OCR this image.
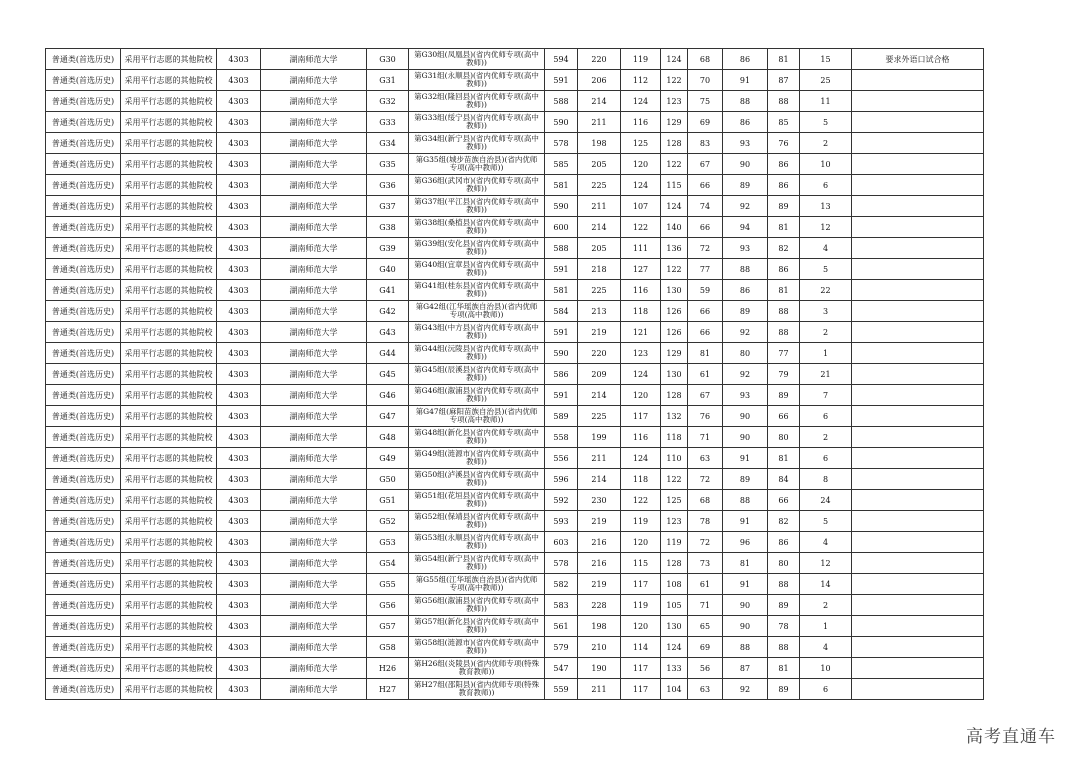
普通类(首选历史)	采用平行志愿的其他院校	4303	湖南师范大学	G30	第G30组(凤凰县)(省内优师专项(高中教师))	594	220	119	124	68	86	81	15	要求外语口试合格
普通类(首选历史)	采用平行志愿的其他院校	4303	湖南师范大学	G31	第G31组(永顺县)(省内优师专项(高中教师))	591	206	112	122	70	91	87	25	
普通类(首选历史)	采用平行志愿的其他院校	4303	湖南师范大学	G32	第G32组(隆回县)(省内优师专项(高中教师))	588	214	124	123	75	88	88	11	
普通类(首选历史)	采用平行志愿的其他院校	4303	湖南师范大学	G33	第G33组(绥宁县)(省内优师专项(高中教师))	590	211	116	129	69	86	85	5	
普通类(首选历史)	采用平行志愿的其他院校	4303	湖南师范大学	G34	第G34组(新宁县)(省内优师专项(高中教师))	578	198	125	128	83	93	76	2	
普通类(首选历史)	采用平行志愿的其他院校	4303	湖南师范大学	G35	第G35组(城步苗族自治县)(省内优师专项(高中教师))	585	205	120	122	67	90	86	10	
普通类(首选历史)	采用平行志愿的其他院校	4303	湖南师范大学	G36	第G36组(武冈市)(省内优师专项(高中教师))	581	225	124	115	66	89	86	6	
普通类(首选历史)	采用平行志愿的其他院校	4303	湖南师范大学	G37	第G37组(平江县)(省内优师专项(高中教师))	590	211	107	124	74	92	89	13	
普通类(首选历史)	采用平行志愿的其他院校	4303	湖南师范大学	G38	第G38组(桑植县)(省内优师专项(高中教师))	600	214	122	140	66	94	81	12	
普通类(首选历史)	采用平行志愿的其他院校	4303	湖南师范大学	G39	第G39组(安化县)(省内优师专项(高中教师))	588	205	111	136	72	93	82	4	
普通类(首选历史)	采用平行志愿的其他院校	4303	湖南师范大学	G40	第G40组(宜章县)(省内优师专项(高中教师))	591	218	127	122	77	88	86	5	
普通类(首选历史)	采用平行志愿的其他院校	4303	湖南师范大学	G41	第G41组(桂东县)(省内优师专项(高中教师))	581	225	116	130	59	86	81	22	
普通类(首选历史)	采用平行志愿的其他院校	4303	湖南师范大学	G42	第G42组(江华瑶族自治县)(省内优师专项(高中教师))	584	213	118	126	66	89	88	3	
普通类(首选历史)	采用平行志愿的其他院校	4303	湖南师范大学	G43	第G43组(中方县)(省内优师专项(高中教师))	591	219	121	126	66	92	88	2	
普通类(首选历史)	采用平行志愿的其他院校	4303	湖南师范大学	G44	第G44组(沅陵县)(省内优师专项(高中教师))	590	220	123	129	81	80	77	1	
普通类(首选历史)	采用平行志愿的其他院校	4303	湖南师范大学	G45	第G45组(辰溪县)(省内优师专项(高中教师))	586	209	124	130	61	92	79	21	
普通类(首选历史)	采用平行志愿的其他院校	4303	湖南师范大学	G46	第G46组(溆浦县)(省内优师专项(高中教师))	591	214	120	128	67	93	89	7	
普通类(首选历史)	采用平行志愿的其他院校	4303	湖南师范大学	G47	第G47组(麻阳苗族自治县)(省内优师专项(高中教师))	589	225	117	132	76	90	66	6	
普通类(首选历史)	采用平行志愿的其他院校	4303	湖南师范大学	G48	第G48组(新化县)(省内优师专项(高中教师))	558	199	116	118	71	90	80	2	
普通类(首选历史)	采用平行志愿的其他院校	4303	湖南师范大学	G49	第G49组(涟源市)(省内优师专项(高中教师))	556	211	124	110	63	91	81	6	
普通类(首选历史)	采用平行志愿的其他院校	4303	湖南师范大学	G50	第G50组(泸溪县)(省内优师专项(高中教师))	596	214	118	122	72	89	84	8	
普通类(首选历史)	采用平行志愿的其他院校	4303	湖南师范大学	G51	第G51组(花垣县)(省内优师专项(高中教师))	592	230	122	125	68	88	66	24	
普通类(首选历史)	采用平行志愿的其他院校	4303	湖南师范大学	G52	第G52组(保靖县)(省内优师专项(高中教师))	593	219	119	123	78	91	82	5	
普通类(首选历史)	采用平行志愿的其他院校	4303	湖南师范大学	G53	第G53组(永顺县)(省内优师专项(高中教师))	603	216	120	119	72	96	86	4	
普通类(首选历史)	采用平行志愿的其他院校	4303	湖南师范大学	G54	第G54组(新宁县)(省内优师专项(高中教师))	578	216	115	128	73	81	80	12	
普通类(首选历史)	采用平行志愿的其他院校	4303	湖南师范大学	G55	第G55组(江华瑶族自治县)(省内优师专项(高中教师))	582	219	117	108	61	91	88	14	
普通类(首选历史)	采用平行志愿的其他院校	4303	湖南师范大学	G56	第G56组(溆浦县)(省内优师专项(高中教师))	583	228	119	105	71	90	89	2	
普通类(首选历史)	采用平行志愿的其他院校	4303	湖南师范大学	G57	第G57组(新化县)(省内优师专项(高中教师))	561	198	120	130	65	90	78	1	
普通类(首选历史)	采用平行志愿的其他院校	4303	湖南师范大学	G58	第G58组(涟源市)(省内优师专项(高中教师))	579	210	114	124	69	88	88	4	
普通类(首选历史)	采用平行志愿的其他院校	4303	湖南师范大学	H26	第H26组(炎陵县)(省内优师专项(特殊教育教师))	547	190	117	133	56	87	81	10	
普通类(首选历史)	采用平行志愿的其他院校	4303	湖南师范大学	H27	第H27组(邵阳县)(省内优师专项(特殊教育教师))	559	211	117	104	63	92	89	6	
高考直通车
